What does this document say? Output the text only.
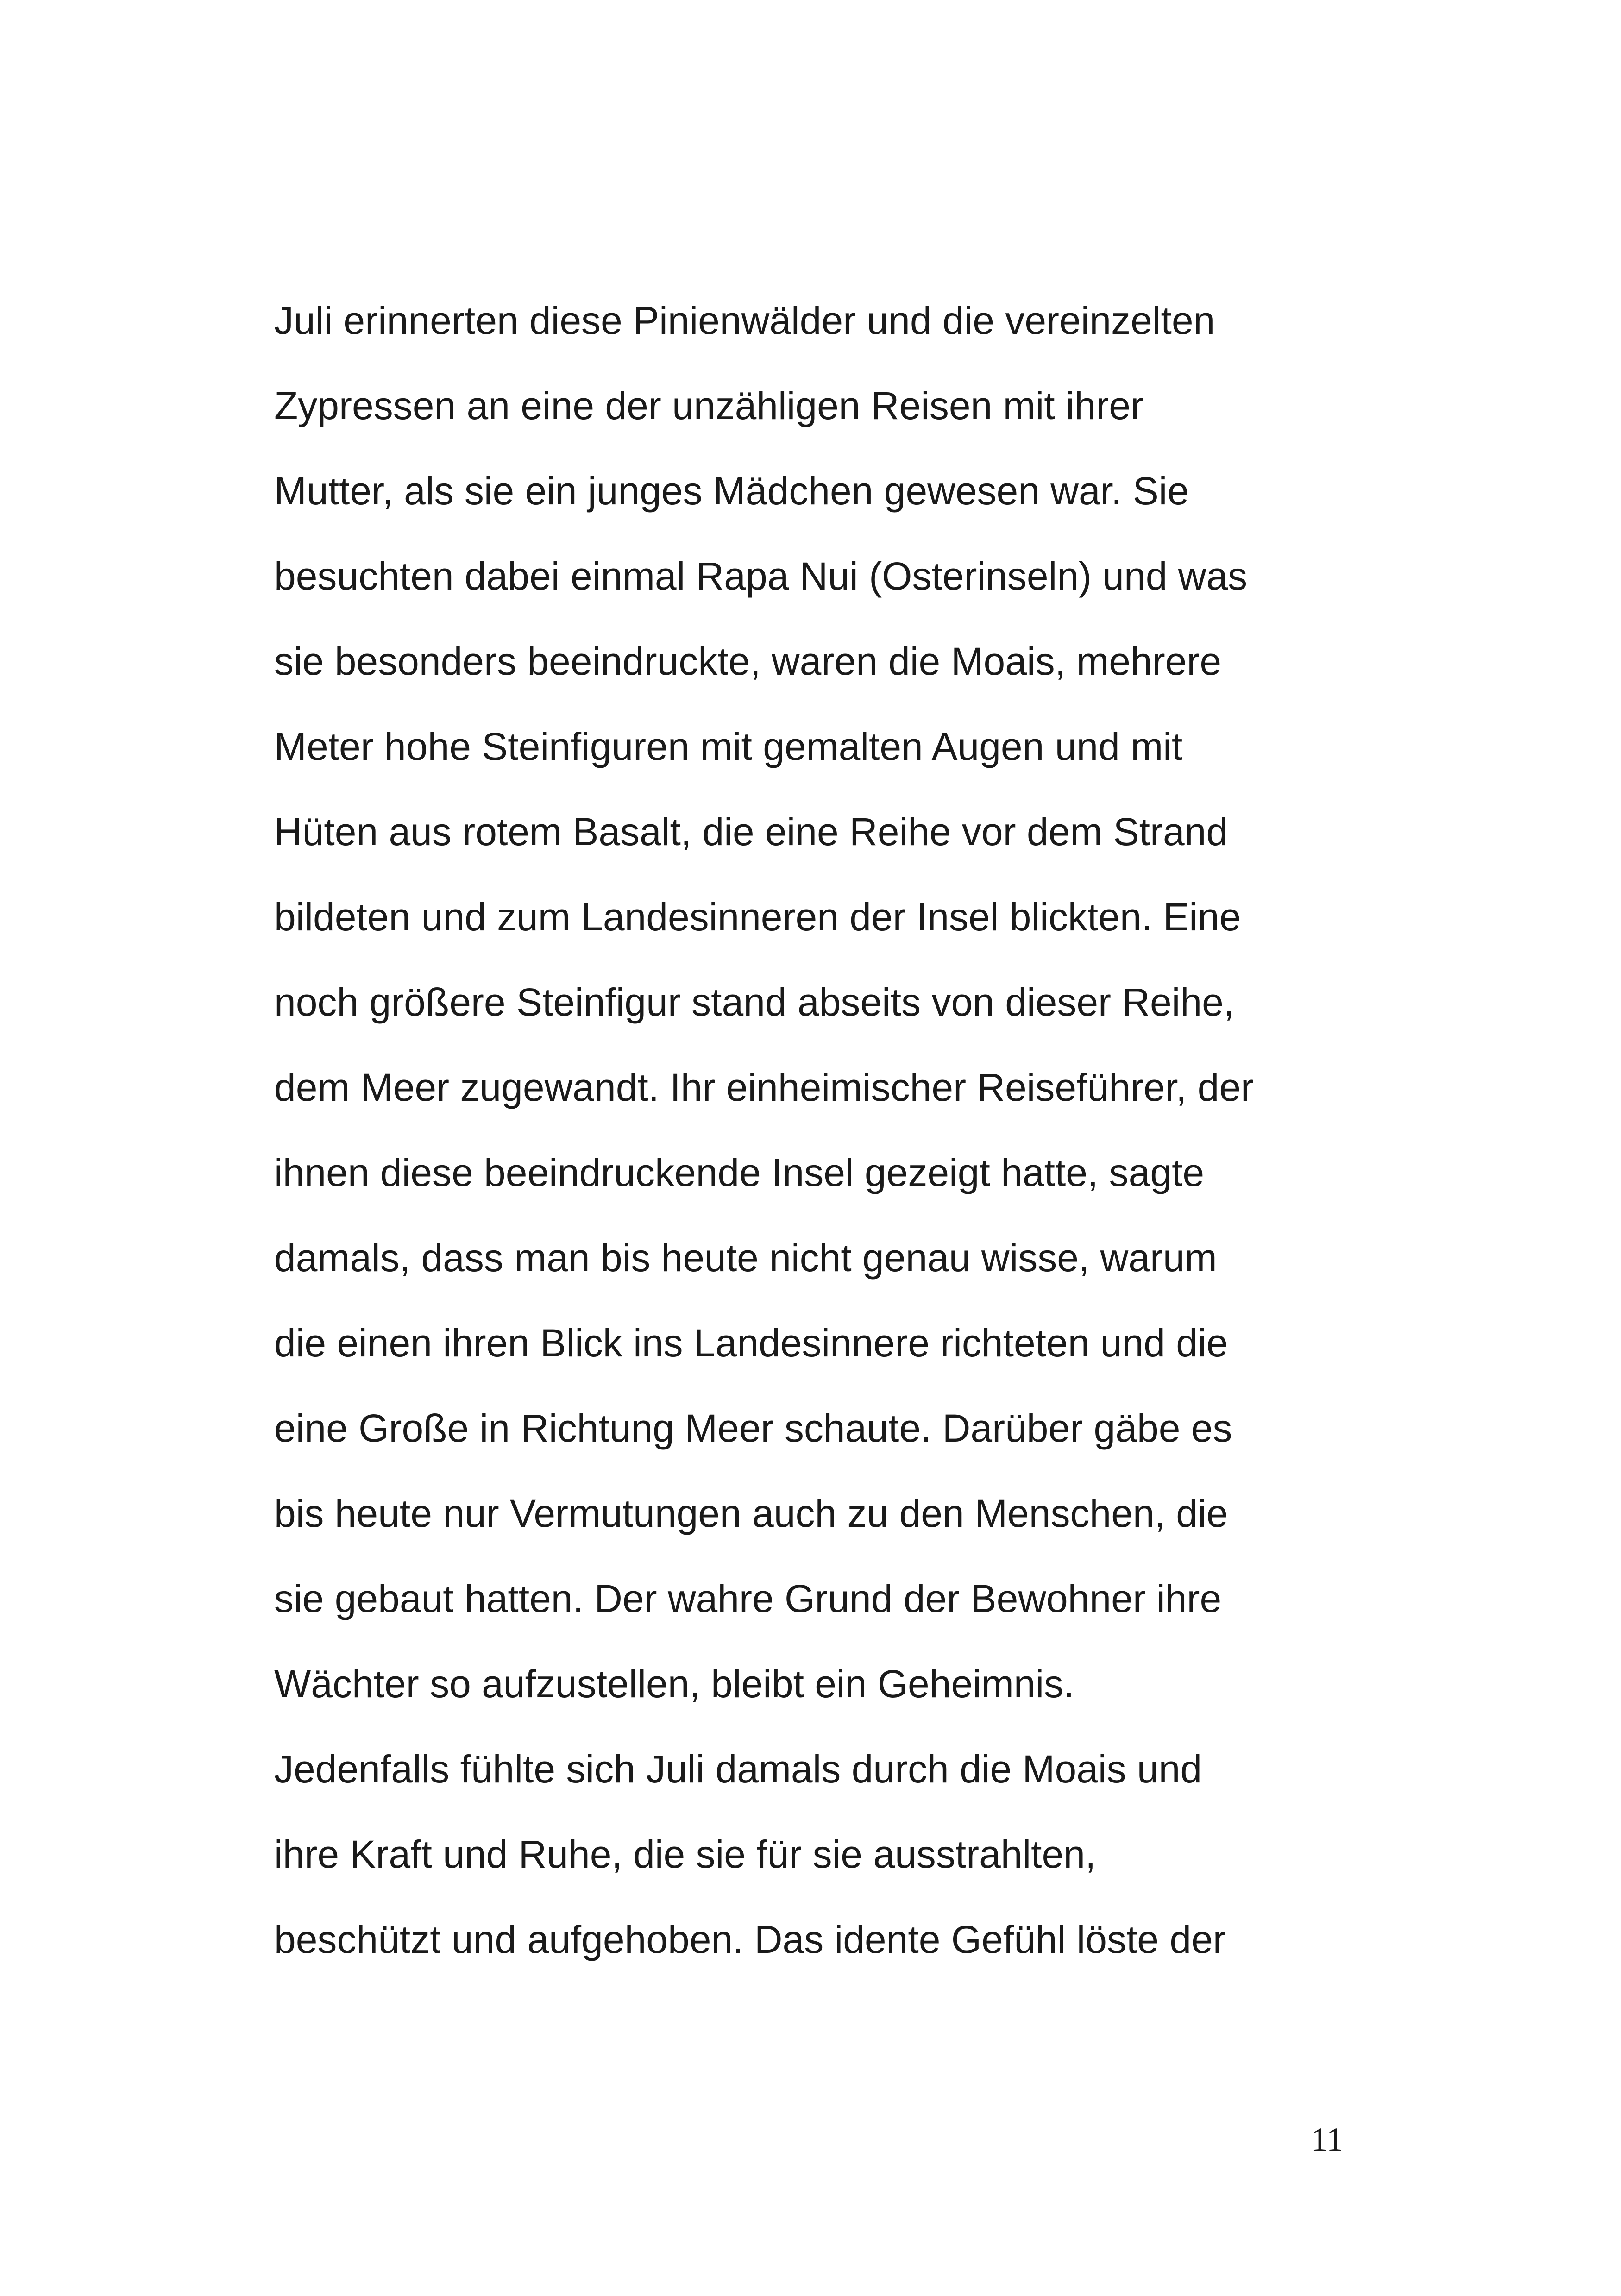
Juli erinnerten diese Pinienwälder und die vereinzelten
Zypressen an eine der unzähligen Reisen mit ihrer
Mutter, als sie ein junges Mädchen gewesen war. Sie
besuchten dabei einmal Rapa Nui (Osterinseln) und was
sie besonders beeindruckte, waren die Moais, mehrere
Meter hohe Steinfiguren mit gemalten Augen und mit
Hüten aus rotem Basalt, die eine Reihe vor dem Strand
bildeten und zum Landesinneren der Insel blickten. Eine
noch größere Steinfigur stand abseits von dieser Reihe,
dem Meer zugewandt. Ihr einheimischer Reiseführer, der
ihnen diese beeindruckende Insel gezeigt hatte, sagte
damals, dass man bis heute nicht genau wisse, warum
die einen ihren Blick ins Landesinnere richteten und die
eine Große in Richtung Meer schaute. Darüber gäbe es
bis heute nur Vermutungen auch zu den Menschen, die
sie gebaut hatten. Der wahre Grund der Bewohner ihre
Wächter so aufzustellen, bleibt ein Geheimnis.
Jedenfalls fühlte sich Juli damals durch die Moais und
ihre Kraft und Ruhe, die sie für sie ausstrahlten,
beschützt und aufgehoben. Das idente Gefühl löste der
11
